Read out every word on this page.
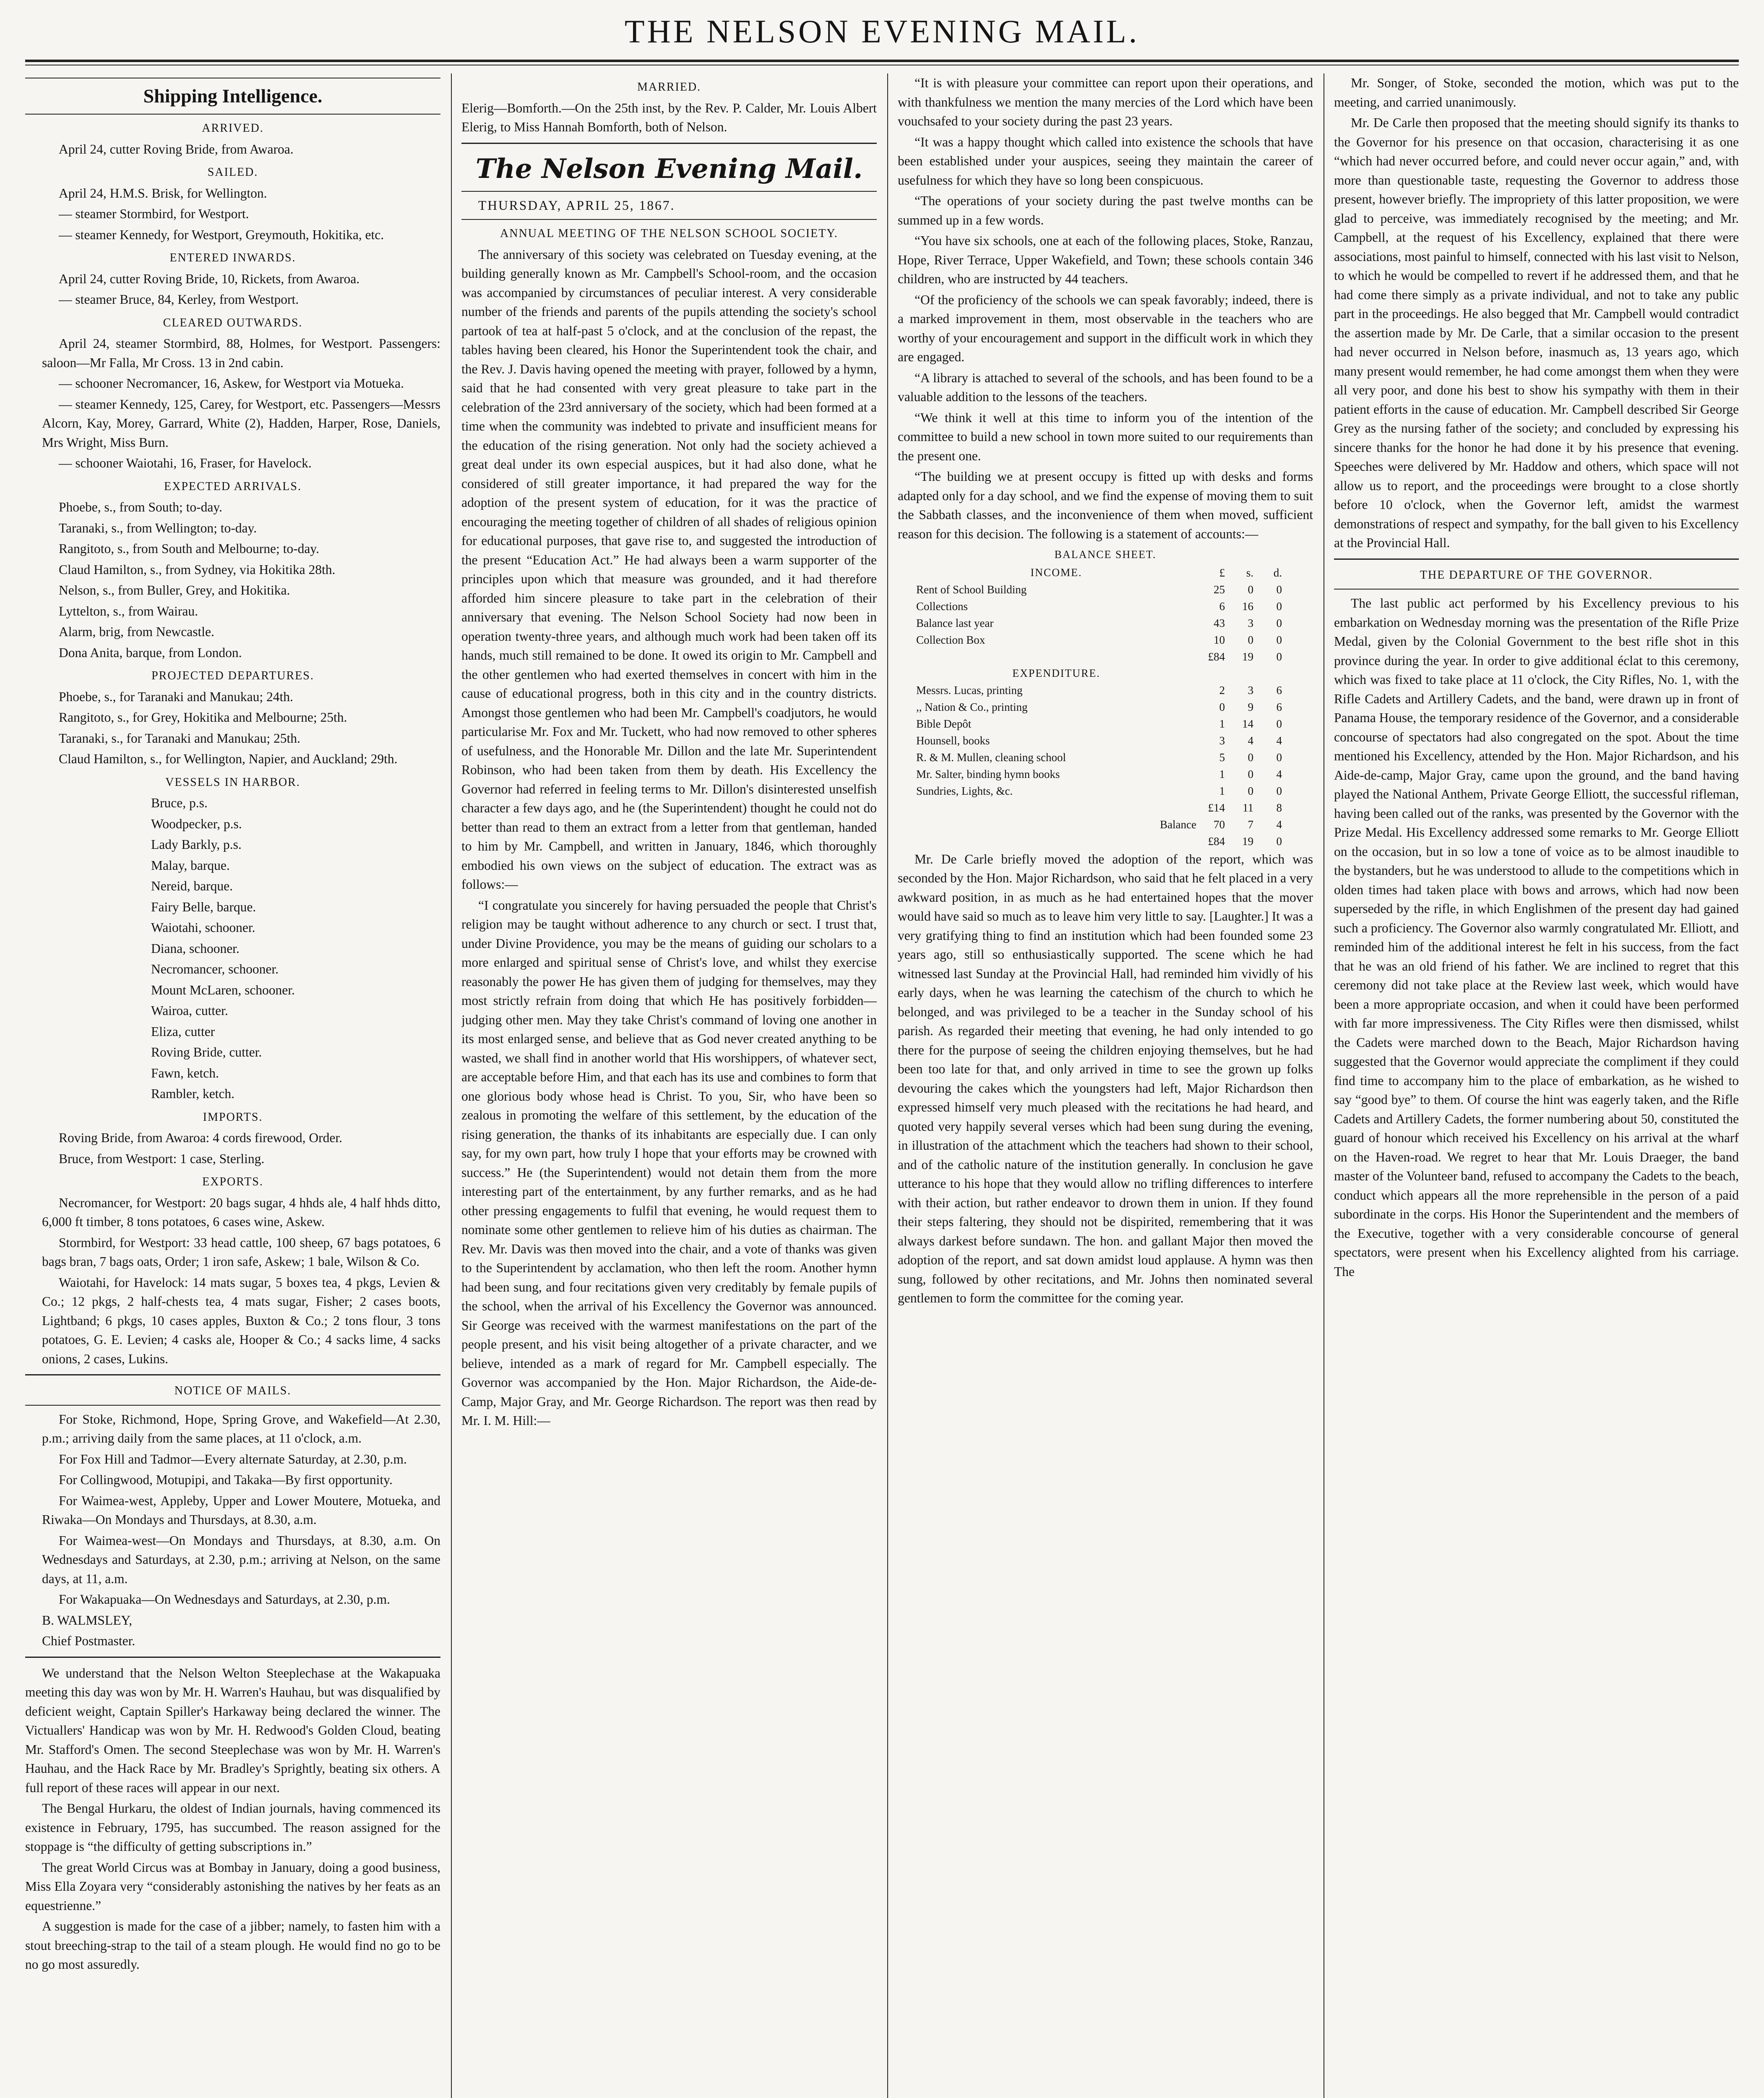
THE NELSON EVENING MAIL.
Shipping Intelligence.
ARRIVED.

April 24, cutter Roving Bride, from Awaroa.

SAILED.

April 24, H.M.S. Brisk, for Wellington.

— steamer Stormbird, for Westport.

— steamer Kennedy, for Westport, Greymouth, Hokitika, etc.

ENTERED INWARDS.

April 24, cutter Roving Bride, 10, Rickets, from Awaroa.

— steamer Bruce, 84, Kerley, from Westport.

CLEARED OUTWARDS.

April 24, steamer Stormbird, 88, Holmes, for Westport. Passengers: saloon—Mr Falla, Mr Cross. 13 in 2nd cabin.

— schooner Necromancer, 16, Askew, for Westport via Motueka.

— steamer Kennedy, 125, Carey, for Westport, etc. Passengers—Messrs Alcorn, Kay, Morey, Garrard, White (2), Hadden, Harper, Rose, Daniels, Mrs Wright, Miss Burn.

— schooner Waiotahi, 16, Fraser, for Havelock.

EXPECTED ARRIVALS.

Phoebe, s., from South; to-day.

Taranaki, s., from Wellington; to-day.

Rangitoto, s., from South and Melbourne; to-day.

Claud Hamilton, s., from Sydney, via Hokitika 28th.

Nelson, s., from Buller, Grey, and Hokitika.

Lyttelton, s., from Wairau.

Alarm, brig, from Newcastle.

Dona Anita, barque, from London.

PROJECTED DEPARTURES.

Phoebe, s., for Taranaki and Manukau; 24th.

Rangitoto, s., for Grey, Hokitika and Melbourne; 25th.

Taranaki, s., for Taranaki and Manukau; 25th.

Claud Hamilton, s., for Wellington, Napier, and Auckland; 29th.

VESSELS IN HARBOR.

Bruce, p.s.

Woodpecker, p.s.

Lady Barkly, p.s.

Malay, barque.

Nereid, barque.

Fairy Belle, barque.

Waiotahi, schooner.

Diana, schooner.

Necromancer, schooner.

Mount McLaren, schooner.

Wairoa, cutter.

Eliza, cutter

Roving Bride, cutter.

Fawn, ketch.

Rambler, ketch.

IMPORTS.

Roving Bride, from Awaroa: 4 cords firewood, Order.

Bruce, from Westport: 1 case, Sterling.

EXPORTS.

Necromancer, for Westport: 20 bags sugar, 4 hhds ale, 4 half hhds ditto, 6,000 ft timber, 8 tons potatoes, 6 cases wine, Askew.

Stormbird, for Westport: 33 head cattle, 100 sheep, 67 bags potatoes, 6 bags bran, 7 bags oats, Order; 1 iron safe, Askew; 1 bale, Wilson & Co.

Waiotahi, for Havelock: 14 mats sugar, 5 boxes tea, 4 pkgs, Levien & Co.; 12 pkgs, 2 half-chests tea, 4 mats sugar, Fisher; 2 cases boots, Lightband; 6 pkgs, 10 cases apples, Buxton & Co.; 2 tons flour, 3 tons potatoes, G. E. Levien; 4 casks ale, Hooper & Co.; 4 sacks lime, 4 sacks onions, 2 cases, Lukins.

NOTICE OF MAILS.

For Stoke, Richmond, Hope, Spring Grove, and Wakefield—At 2.30, p.m.; arriving daily from the same places, at 11 o'clock, a.m.

For Fox Hill and Tadmor—Every alternate Saturday, at 2.30, p.m.

For Collingwood, Motupipi, and Takaka—By first opportunity.

For Waimea-west, Appleby, Upper and Lower Moutere, Motueka, and Riwaka—On Mondays and Thursdays, at 8.30, a.m.

For Waimea-west—On Mondays and Thursdays, at 8.30, a.m. On Wednesdays and Saturdays, at 2.30, p.m.; arriving at Nelson, on the same days, at 11, a.m.

For Wakapuaka—On Wednesdays and Saturdays, at 2.30, p.m.

B. WALMSLEY,

Chief Postmaster.

We understand that the Nelson Welton Steeplechase at the Wakapuaka meeting this day was won by Mr. H. Warren's Hauhau, but was disqualified by deficient weight, Captain Spiller's Harkaway being declared the winner. The Victuallers' Handicap was won by Mr. H. Redwood's Golden Cloud, beating Mr. Stafford's Omen. The second Steeplechase was won by Mr. H. Warren's Hauhau, and the Hack Race by Mr. Bradley's Sprightly, beating six others. A full report of these races will appear in our next.

The Bengal Hurkaru, the oldest of Indian journals, having commenced its existence in February, 1795, has succumbed. The reason assigned for the stoppage is “the difficulty of getting subscriptions in.”

The great World Circus was at Bombay in January, doing a good business, Miss Ella Zoyara very “considerably astonishing the natives by her feats as an equestrienne.”

A suggestion is made for the case of a jibber; namely, to fasten him with a stout breeching-strap to the tail of a steam plough. He would find no go to be no go most assuredly.

MARRIED.

Elerig—Bomforth.—On the 25th inst, by the Rev. P. Calder, Mr. Louis Albert Elerig, to Miss Hannah Bomforth, both of Nelson.

The Nelson Evening Mail.

THURSDAY, APRIL 25, 1867.

ANNUAL MEETING OF THE NELSON SCHOOL SOCIETY.

The anniversary of this society was celebrated on Tuesday evening, at the building generally known as Mr. Campbell's School-room, and the occasion was accompanied by circumstances of peculiar interest. A very considerable number of the friends and parents of the pupils attending the society's school partook of tea at half-past 5 o'clock, and at the conclusion of the repast, the tables having been cleared, his Honor the Superintendent took the chair, and the Rev. J. Davis having opened the meeting with prayer, followed by a hymn, said that he had consented with very great pleasure to take part in the celebration of the 23rd anniversary of the society, which had been formed at a time when the community was indebted to private and insufficient means for the education of the rising generation. Not only had the society achieved a great deal under its own especial auspices, but it had also done, what he considered of still greater importance, it had prepared the way for the adoption of the present system of education, for it was the practice of encouraging the meeting together of children of all shades of religious opinion for educational purposes, that gave rise to, and suggested the introduction of the present “Education Act.” He had always been a warm supporter of the principles upon which that measure was grounded, and it had therefore afforded him sincere pleasure to take part in the celebration of their anniversary that evening. The Nelson School Society had now been in operation twenty-three years, and although much work had been taken off its hands, much still remained to be done. It owed its origin to Mr. Campbell and the other gentlemen who had exerted themselves in concert with him in the cause of educational progress, both in this city and in the country districts. Amongst those gentlemen who had been Mr. Campbell's coadjutors, he would particularise Mr. Fox and Mr. Tuckett, who had now removed to other spheres of usefulness, and the Honorable Mr. Dillon and the late Mr. Superintendent Robinson, who had been taken from them by death. His Excellency the Governor had referred in feeling terms to Mr. Dillon's disinterested unselfish character a few days ago, and he (the Superintendent) thought he could not do better than read to them an extract from a letter from that gentleman, handed to him by Mr. Campbell, and written in January, 1846, which thoroughly embodied his own views on the subject of education. The extract was as follows:—

“I congratulate you sincerely for having persuaded the people that Christ's religion may be taught without adherence to any church or sect. I trust that, under Divine Providence, you may be the means of guiding our scholars to a more enlarged and spiritual sense of Christ's love, and whilst they exercise reasonably the power He has given them of judging for themselves, may they most strictly refrain from doing that which He has positively forbidden—judging other men. May they take Christ's command of loving one another in its most enlarged sense, and believe that as God never created anything to be wasted, we shall find in another world that His worshippers, of whatever sect, are acceptable before Him, and that each has its use and combines to form that one glorious body whose head is Christ. To you, Sir, who have been so zealous in promoting the welfare of this settlement, by the education of the rising generation, the thanks of its inhabitants are especially due. I can only say, for my own part, how truly I hope that your efforts may be crowned with success.” He (the Superintendent) would not detain them from the more interesting part of the entertainment, by any further remarks, and as he had other pressing engagements to fulfil that evening, he would request them to nominate some other gentlemen to relieve him of his duties as chairman. The Rev. Mr. Davis was then moved into the chair, and a vote of thanks was given to the Superintendent by acclamation, who then left the room. Another hymn had been sung, and four recitations given very creditably by female pupils of the school, when the arrival of his Excellency the Governor was announced. Sir George was received with the warmest manifestations on the part of the people present, and his visit being altogether of a private character, and we believe, intended as a mark of regard for Mr. Campbell especially. The Governor was accompanied by the Hon. Major Richardson, the Aide-de-Camp, Major Gray, and Mr. George Richardson. The report was then read by Mr. I. M. Hill:—

“It is with pleasure your committee can report upon their operations, and with thankfulness we mention the many mercies of the Lord which have been vouchsafed to your society during the past 23 years.

“It was a happy thought which called into existence the schools that have been established under your auspices, seeing they maintain the career of usefulness for which they have so long been conspicuous.

“The operations of your society during the past twelve months can be summed up in a few words.

“You have six schools, one at each of the following places, Stoke, Ranzau, Hope, River Terrace, Upper Wakefield, and Town; these schools contain 346 children, who are instructed by 44 teachers.

“Of the proficiency of the schools we can speak favorably; indeed, there is a marked improvement in them, most observable in the teachers who are worthy of your encouragement and support in the difficult work in which they are engaged.

“A library is attached to several of the schools, and has been found to be a valuable addition to the lessons of the teachers.

“We think it well at this time to inform you of the intention of the committee to build a new school in town more suited to our requirements than the present one.

“The building we at present occupy is fitted up with desks and forms adapted only for a day school, and we find the expense of moving them to suit the Sabbath classes, and the inconvenience of them when moved, sufficient reason for this decision. The following is a statement of accounts:—

BALANCE SHEET.
INCOME.	£	s.	d.
Rent of School Building	25	0	0
Collections	6	16	0
Balance last year	43	3	0
Collection Box	10	0	0
	£84	19	0
EXPENDITURE.			
Messrs. Lucas, printing	2	3	6
,, Nation & Co., printing	0	9	6
Bible Depôt	1	14	0
Hounsell, books	3	4	4
R. & M. Mullen, cleaning school	5	0	0
Mr. Salter, binding hymn books	1	0	4
Sundries, Lights, &c.	1	0	0
	£14	11	8
Balance	70	7	4
	£84	19	0

Mr. De Carle briefly moved the adoption of the report, which was seconded by the Hon. Major Richardson, who said that he felt placed in a very awkward position, in as much as he had entertained hopes that the mover would have said so much as to leave him very little to say. [Laughter.] It was a very gratifying thing to find an institution which had been founded some 23 years ago, still so enthusiastically supported. The scene which he had witnessed last Sunday at the Provincial Hall, had reminded him vividly of his early days, when he was learning the catechism of the church to which he belonged, and was privileged to be a teacher in the Sunday school of his parish. As regarded their meeting that evening, he had only intended to go there for the purpose of seeing the children enjoying themselves, but he had been too late for that, and only arrived in time to see the grown up folks devouring the cakes which the youngsters had left, Major Richardson then expressed himself very much pleased with the recitations he had heard, and quoted very happily several verses which had been sung during the evening, in illustration of the attachment which the teachers had shown to their school, and of the catholic nature of the institution generally. In conclusion he gave utterance to his hope that they would allow no trifling differences to interfere with their action, but rather endeavor to drown them in union. If they found their steps faltering, they should not be dispirited, remembering that it was always darkest before sundawn. The hon. and gallant Major then moved the adoption of the report, and sat down amidst loud applause. A hymn was then sung, followed by other recitations, and Mr. Johns then nominated several gentlemen to form the committee for the coming year.

Mr. Songer, of Stoke, seconded the motion, which was put to the meeting, and carried unanimously.

Mr. De Carle then proposed that the meeting should signify its thanks to the Governor for his presence on that occasion, characterising it as one “which had never occurred before, and could never occur again,” and, with more than questionable taste, requesting the Governor to address those present, however briefly. The impropriety of this latter proposition, we were glad to perceive, was immediately recognised by the meeting; and Mr. Campbell, at the request of his Excellency, explained that there were associations, most painful to himself, connected with his last visit to Nelson, to which he would be compelled to revert if he addressed them, and that he had come there simply as a private individual, and not to take any public part in the proceedings. He also begged that Mr. Campbell would contradict the assertion made by Mr. De Carle, that a similar occasion to the present had never occurred in Nelson before, inasmuch as, 13 years ago, which many present would remember, he had come amongst them when they were all very poor, and done his best to show his sympathy with them in their patient efforts in the cause of education. Mr. Campbell described Sir George Grey as the nursing father of the society; and concluded by expressing his sincere thanks for the honor he had done it by his presence that evening. Speeches were delivered by Mr. Haddow and others, which space will not allow us to report, and the proceedings were brought to a close shortly before 10 o'clock, when the Governor left, amidst the warmest demonstrations of respect and sympathy, for the ball given to his Excellency at the Provincial Hall.

THE DEPARTURE OF THE GOVERNOR.

The last public act performed by his Excellency previous to his embarkation on Wednesday morning was the presentation of the Rifle Prize Medal, given by the Colonial Government to the best rifle shot in this province during the year. In order to give additional éclat to this ceremony, which was fixed to take place at 11 o'clock, the City Rifles, No. 1, with the Rifle Cadets and Artillery Cadets, and the band, were drawn up in front of Panama House, the temporary residence of the Governor, and a considerable concourse of spectators had also congregated on the spot. About the time mentioned his Excellency, attended by the Hon. Major Richardson, and his Aide-de-camp, Major Gray, came upon the ground, and the band having played the National Anthem, Private George Elliott, the successful rifleman, having been called out of the ranks, was presented by the Governor with the Prize Medal. His Excellency addressed some remarks to Mr. George Elliott on the occasion, but in so low a tone of voice as to be almost inaudible to the bystanders, but he was understood to allude to the competitions which in olden times had taken place with bows and arrows, which had now been superseded by the rifle, in which Englishmen of the present day had gained such a proficiency. The Governor also warmly congratulated Mr. Elliott, and reminded him of the additional interest he felt in his success, from the fact that he was an old friend of his father. We are inclined to regret that this ceremony did not take place at the Review last week, which would have been a more appropriate occasion, and when it could have been performed with far more impressiveness. The City Rifles were then dismissed, whilst the Cadets were marched down to the Beach, Major Richardson having suggested that the Governor would appreciate the compliment if they could find time to accompany him to the place of embarkation, as he wished to say “good bye” to them. Of course the hint was eagerly taken, and the Rifle Cadets and Artillery Cadets, the former numbering about 50, constituted the guard of honour which received his Excellency on his arrival at the wharf on the Haven-road. We regret to hear that Mr. Louis Draeger, the band master of the Volunteer band, refused to accompany the Cadets to the beach, conduct which appears all the more reprehensible in the person of a paid subordinate in the corps. His Honor the Superintendent and the members of the Executive, together with a very considerable concourse of general spectators, were present when his Excellency alighted from his carriage. The
